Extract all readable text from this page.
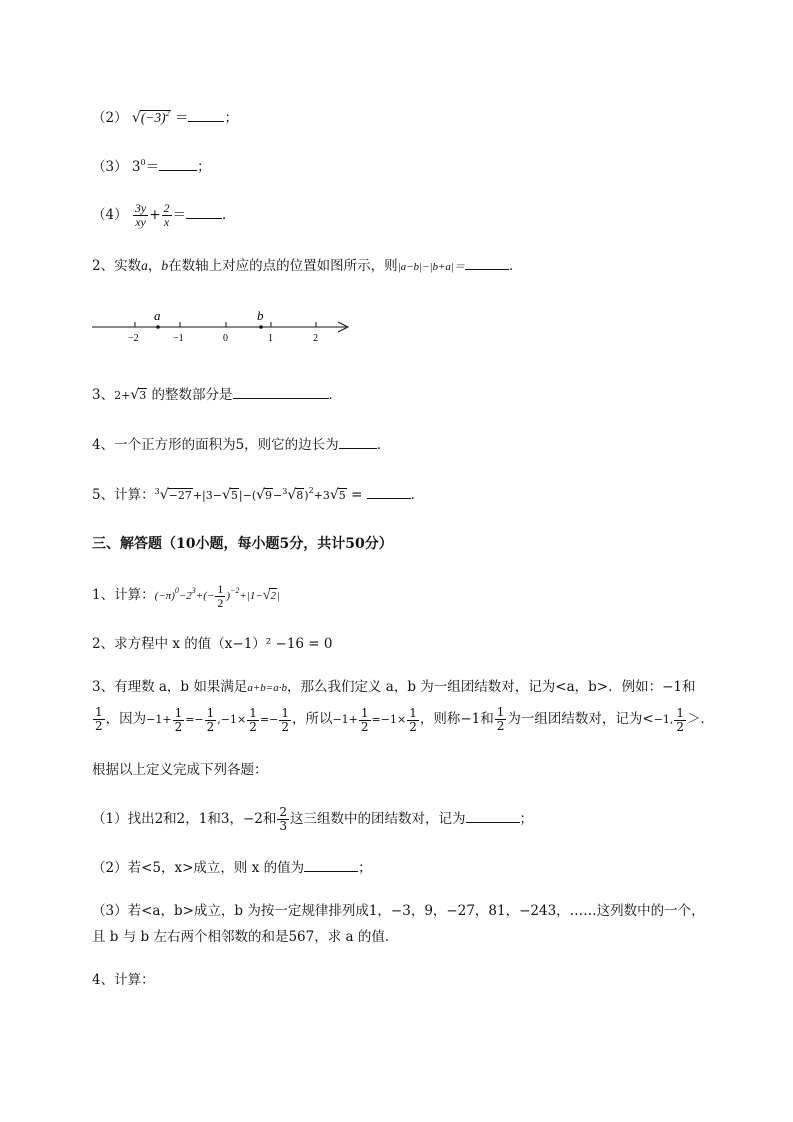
（2） $√(-3)^2$ ＝	；
（3） $3^0=$	；
$(4) \frac{3y}{xy} + \frac{2}{x}$ ＝	．
2、实数a，b在数轴上对应的点的位置如图所示，则|a−b|−|b+a|＝	．
−2	−1	0	1	2
a	b
3、2+√3 的整数部分是	．
4、一个正方形的面积为5，则它的边长为	．
5、计算：$^3√-27+|3-√5|-(√9-^3√8)^2+3√5$ =	．
三、解答题（10小题，每小题5分，共计50分）
1、计算：$(-\pi)^0-2^3+(- \frac{1}{2} )^{-2}+|1-√2|$
2、求方程中 x 的值（x−1）² −16 = 0
3、有理数 a，b 如果满足a+b=a·b，那么我们定义 a，b 为一组团结数对，记为<a，b>．例如：−1和
$\frac{1}{2}$ ，因为$-1+ \frac{1}{2} =- \frac{1}{2} ,-1\times \frac{1}{2} =- \frac{1}{2}$ ，所以$-1+ \frac{1}{2} =-1\times \frac{1}{2}$ ，则称−1和 $\frac{1}{2}$ 为一组团结数对，记为<−1, $\frac{1}{2}$ ＞．
根据以上定义完成下列各题：
（1）找出2和2，1和3，−2和 $\frac{2}{3}$ 这三组数中的团结数对，记为	；
（2）若<5，x>成立，则 x 的值为	；
（3）若<a，b>成立，b 为按一定规律排列成1，−3，9，−27，81，−243，……这列数中的一个，
且 b 与 b 左右两个相邻数的和是567，求 a 的值．
4、计算：
